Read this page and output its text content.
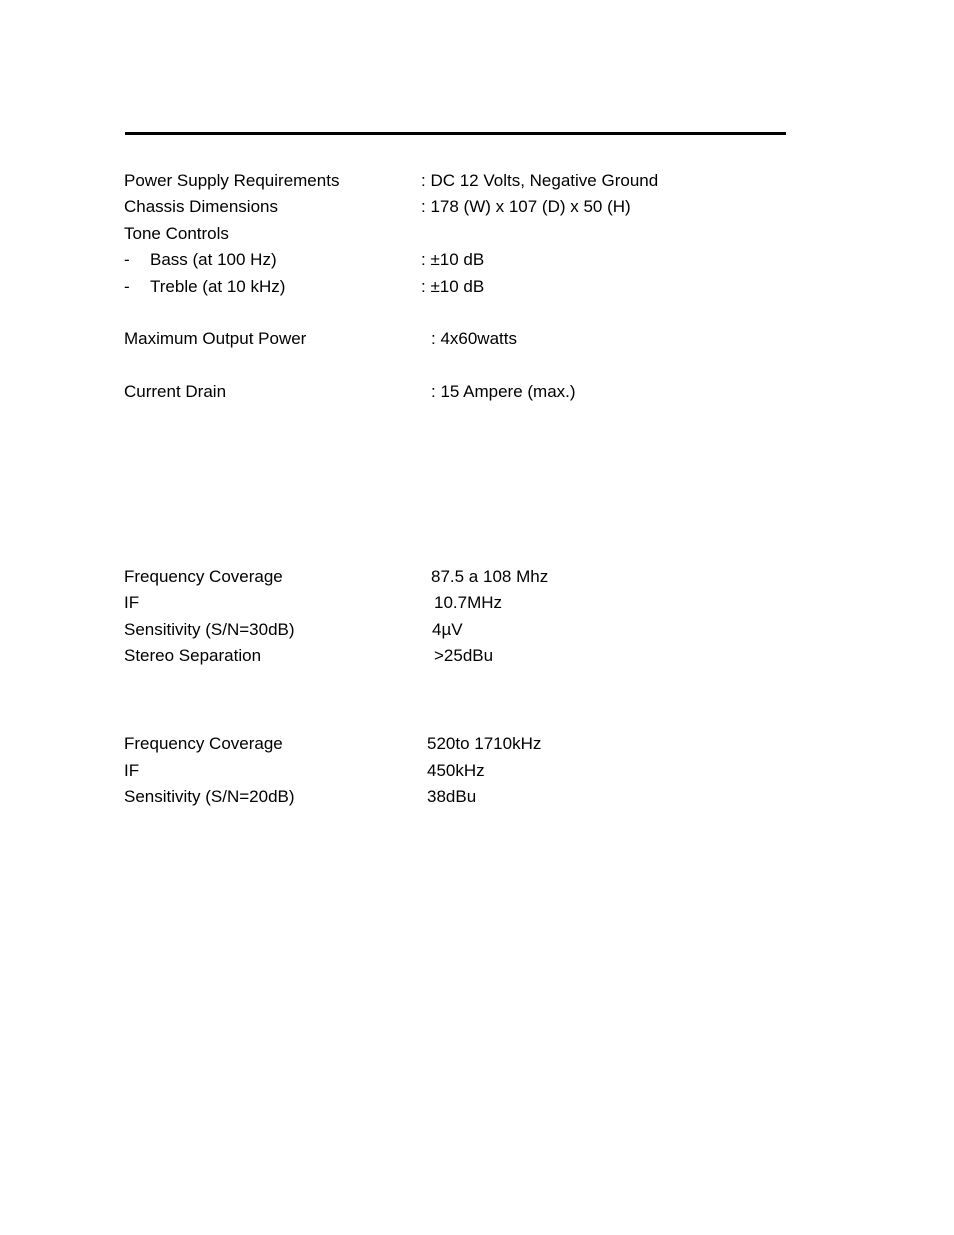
Power Supply Requirements	: DC 12 Volts, Negative Ground
Chassis Dimensions	: 178 (W) x 107 (D) x 50 (H)
Tone Controls
- Bass (at 100 Hz)	: ±10 dB
- Treble (at 10 kHz)	: ±10 dB
Maximum Output Power	: 4x60watts
Current Drain	: 15 Ampere (max.)
Frequency Coverage	87.5 a 108 Mhz
IF	10.7MHz
Sensitivity (S/N=30dB)	4µV
Stereo Separation	>25dBu
Frequency Coverage	520to 1710kHz
IF	450kHz
Sensitivity (S/N=20dB)	38dBu
